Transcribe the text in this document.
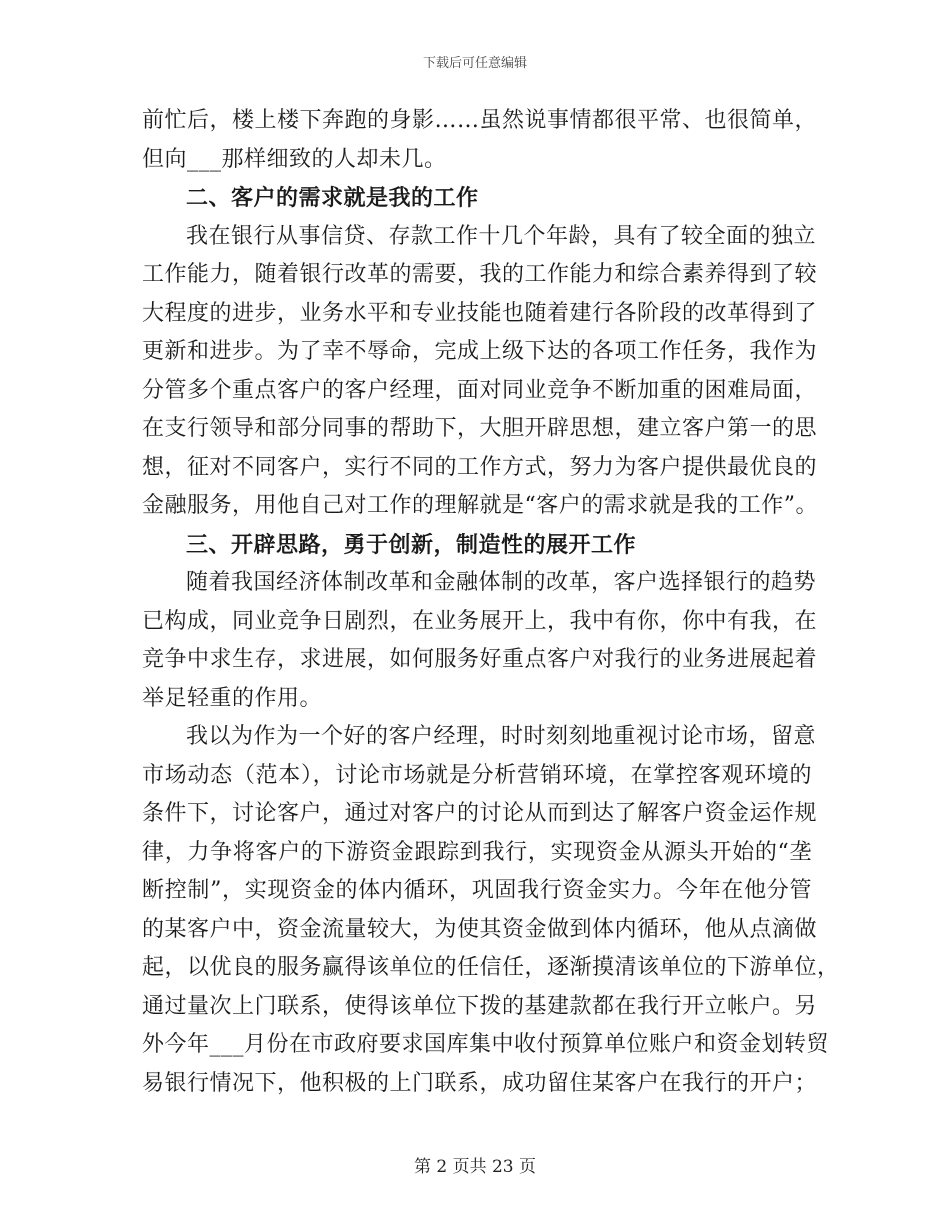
下载后可任意编辑
前忙后，楼上楼下奔跑的身影……虽然说事情都很平常、也很简单，
但向___那样细致的人却未几。
二、客户的需求就是我的工作
我在银行从事信贷、存款工作十几个年龄，具有了较全面的独立
工作能力，随着银行改革的需要，我的工作能力和综合素养得到了较
大程度的进步，业务水平和专业技能也随着建行各阶段的改革得到了
更新和进步。为了幸不辱命，完成上级下达的各项工作任务，我作为
分管多个重点客户的客户经理，面对同业竞争不断加重的困难局面，
在支行领导和部分同事的帮助下，大胆开辟思想，建立客户第一的思
想，征对不同客户，实行不同的工作方式，努力为客户提供最优良的
金融服务，用他自己对工作的理解就是“客户的需求就是我的工作”。
三、开辟思路，勇于创新，制造性的展开工作
随着我国经济体制改革和金融体制的改革，客户选择银行的趋势
已构成，同业竞争日剧烈，在业务展开上，我中有你，你中有我，在
竞争中求生存，求进展，如何服务好重点客户对我行的业务进展起着
举足轻重的作用。
我以为作为一个好的客户经理，时时刻刻地重视讨论市场，留意
市场动态（范本），讨论市场就是分析营销环境，在掌控客观环境的
条件下，讨论客户，通过对客户的讨论从而到达了解客户资金运作规
律，力争将客户的下游资金跟踪到我行，实现资金从源头开始的“垄
断控制”，实现资金的体内循环，巩固我行资金实力。今年在他分管
的某客户中，资金流量较大，为使其资金做到体内循环，他从点滴做
起，以优良的服务赢得该单位的任信任，逐渐摸清该单位的下游单位，
通过量次上门联系，使得该单位下拨的基建款都在我行开立帐户。另
外今年___月份在市政府要求国库集中收付预算单位账户和资金划转贸
易银行情况下，他积极的上门联系，成功留住某客户在我行的开户；
第 2 页共 23 页
